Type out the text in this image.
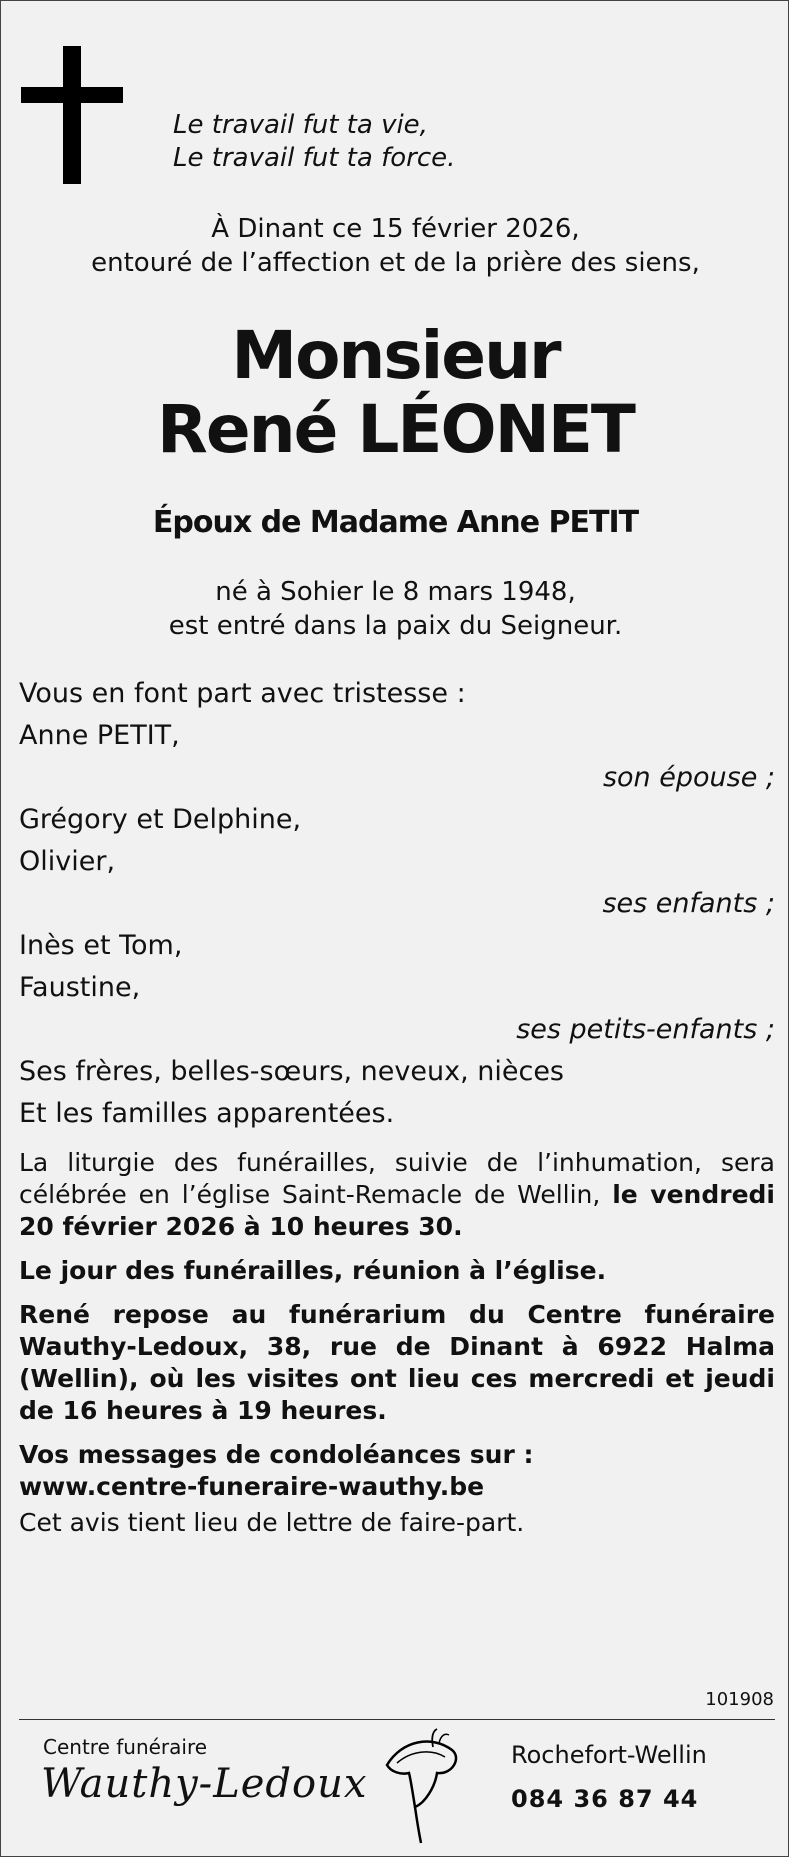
Le travail fut ta vie,
Le travail fut ta force.
À Dinant ce 15 février 2026,
entouré de l’affection et de la prière des siens,
Monsieur
René LÉONET
Époux de Madame Anne PETIT
né à Sohier le 8 mars 1948,
est entré dans la paix du Seigneur.
Vous en font part avec tristesse :
Anne PETIT,
son épouse ;
Grégory et Delphine,
Olivier,
ses enfants ;
Inès et Tom,
Faustine,
ses petits-enfants ;
Ses frères, belles-sœurs, neveux, nièces
Et les familles apparentées.
La liturgie des funérailles, suivie de l’inhumation, sera célébrée en l’église Saint-Remacle de Wellin, le vendredi 20 février 2026 à 10 heures 30.
Le jour des funérailles, réunion à l’église.
René repose au funérarium du Centre funéraire Wauthy-Ledoux, 38, rue de Dinant à 6922 Halma (Wellin), où les visites ont lieu ces mercredi et jeudi de 16 heures à 19 heures.
Vos messages de condoléances sur :
www.centre-funeraire-wauthy.be
Cet avis tient lieu de lettre de faire-part.
101908
Centre funéraire
Wauthy-Ledoux
Rochefort-Wellin
084 36 87 44
